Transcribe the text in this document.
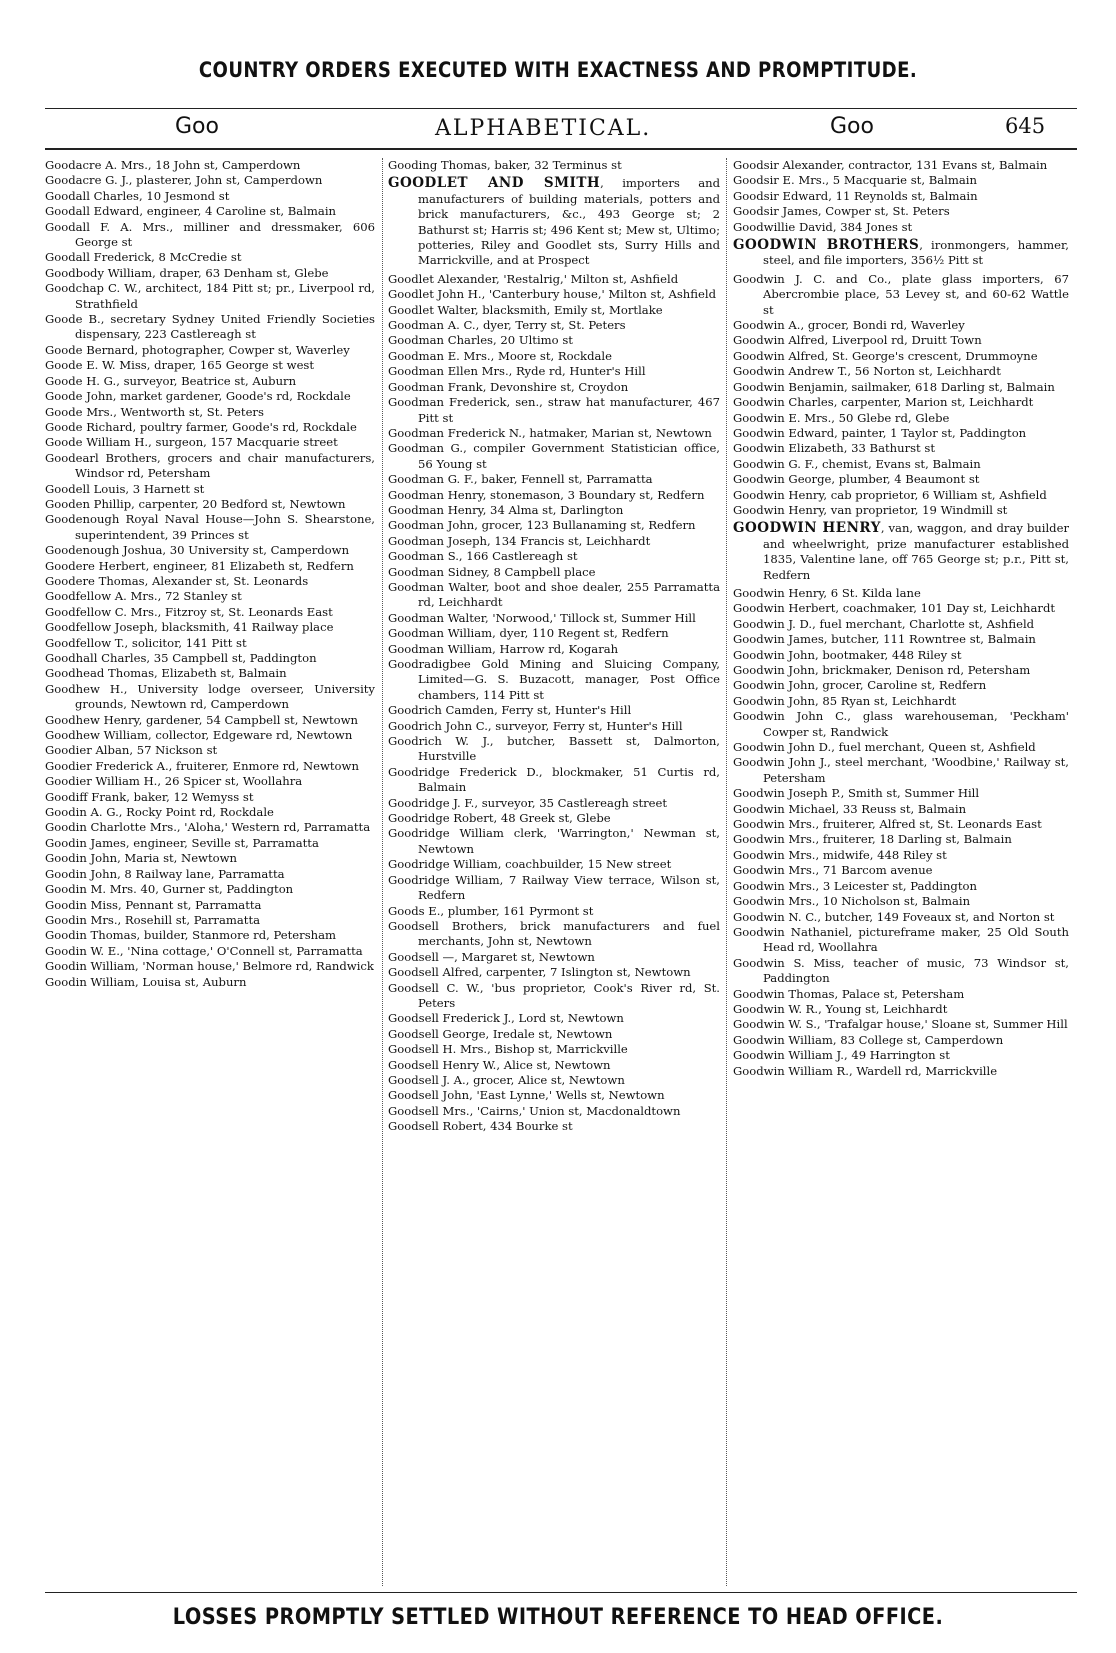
COUNTRY ORDERS EXECUTED WITH EXACTNESS AND PROMPTITUDE.
Goo	ALPHABETICAL.	Goo	645

Goodacre A. Mrs., 18 John st, Camperdown

Goodacre G. J., plasterer, John st, Camperdown

Goodall Charles, 10 Jesmond st

Goodall Edward, engineer, 4 Caroline st, Balmain

Goodall F. A. Mrs., milliner and dressmaker, 606 George st

Goodall Frederick, 8 McCredie st

Goodbody William, draper, 63 Denham st, Glebe

Goodchap C. W., architect, 184 Pitt st; pr., Liverpool rd, Strathfield

Goode B., secretary Sydney United Friendly Societies dispensary, 223 Castlereagh st

Goode Bernard, photographer, Cowper st, Waverley

Goode E. W. Miss, draper, 165 George st west

Goode H. G., surveyor, Beatrice st, Auburn

Goode John, market gardener, Goode's rd, Rockdale

Goode Mrs., Wentworth st, St. Peters

Goode Richard, poultry farmer, Goode's rd, Rockdale

Goode William H., surgeon, 157 Macquarie street

Goodearl Brothers, grocers and chair manufacturers, Windsor rd, Petersham

Goodell Louis, 3 Harnett st

Gooden Phillip, carpenter, 20 Bedford st, Newtown

Goodenough Royal Naval House—John S. Shearstone, superintendent, 39 Princes st

Goodenough Joshua, 30 University st, Camperdown

Goodere Herbert, engineer, 81 Elizabeth st, Redfern

Goodere Thomas, Alexander st, St. Leonards

Goodfellow A. Mrs., 72 Stanley st

Goodfellow C. Mrs., Fitzroy st, St. Leonards East

Goodfellow Joseph, blacksmith, 41 Railway place

Goodfellow T., solicitor, 141 Pitt st

Goodhall Charles, 35 Campbell st, Paddington

Goodhead Thomas, Elizabeth st, Balmain

Goodhew H., University lodge overseer, University grounds, Newtown rd, Camperdown

Goodhew Henry, gardener, 54 Campbell st, Newtown

Goodhew William, collector, Edgeware rd, Newtown

Goodier Alban, 57 Nickson st

Goodier Frederick A., fruiterer, Enmore rd, Newtown

Goodier William H., 26 Spicer st, Woollahra

Goodiff Frank, baker, 12 Wemyss st

Goodin A. G., Rocky Point rd, Rockdale

Goodin Charlotte Mrs., 'Aloha,' Western rd, Parramatta

Goodin James, engineer, Seville st, Parramatta

Goodin John, Maria st, Newtown

Goodin John, 8 Railway lane, Parramatta

Goodin M. Mrs. 40, Gurner st, Paddington

Goodin Miss, Pennant st, Parramatta

Goodin Mrs., Rosehill st, Parramatta

Goodin Thomas, builder, Stanmore rd, Petersham

Goodin W. E., 'Nina cottage,' O'Connell st, Parramatta

Goodin William, 'Norman house,' Belmore rd, Randwick

Goodin William, Louisa st, Auburn

Gooding Thomas, baker, 32 Terminus st

GOODLET AND SMITH, importers and manufacturers of building materials, potters and brick manufacturers, &c., 493 George st; 2 Bathurst st; Harris st; 496 Kent st; Mew st, Ultimo; potteries, Riley and Goodlet sts, Surry Hills and Marrickville, and at Prospect

Goodlet Alexander, 'Restalrig,' Milton st, Ashfield

Goodlet John H., 'Canterbury house,' Milton st, Ashfield

Goodlet Walter, blacksmith, Emily st, Mortlake

Goodman A. C., dyer, Terry st, St. Peters

Goodman Charles, 20 Ultimo st

Goodman E. Mrs., Moore st, Rockdale

Goodman Ellen Mrs., Ryde rd, Hunter's Hill

Goodman Frank, Devonshire st, Croydon

Goodman Frederick, sen., straw hat manufacturer, 467 Pitt st

Goodman Frederick N., hatmaker, Marian st, Newtown

Goodman G., compiler Government Statistician office, 56 Young st

Goodman G. F., baker, Fennell st, Parramatta

Goodman Henry, stonemason, 3 Boundary st, Redfern

Goodman Henry, 34 Alma st, Darlington

Goodman John, grocer, 123 Bullanaming st, Redfern

Goodman Joseph, 134 Francis st, Leichhardt

Goodman S., 166 Castlereagh st

Goodman Sidney, 8 Campbell place

Goodman Walter, boot and shoe dealer, 255 Parramatta rd, Leichhardt

Goodman Walter, 'Norwood,' Tillock st, Summer Hill

Goodman William, dyer, 110 Regent st, Redfern

Goodman William, Harrow rd, Kogarah

Goodradigbee Gold Mining and Sluicing Company, Limited—G. S. Buzacott, manager, Post Office chambers, 114 Pitt st

Goodrich Camden, Ferry st, Hunter's Hill

Goodrich John C., surveyor, Ferry st, Hunter's Hill

Goodrich W. J., butcher, Bassett st, Dalmorton, Hurstville

Goodridge Frederick D., blockmaker, 51 Curtis rd, Balmain

Goodridge J. F., surveyor, 35 Castlereagh street

Goodridge Robert, 48 Greek st, Glebe

Goodridge William clerk, 'Warrington,' Newman st, Newtown

Goodridge William, coachbuilder, 15 New street

Goodridge William, 7 Railway View terrace, Wilson st, Redfern

Goods E., plumber, 161 Pyrmont st

Goodsell Brothers, brick manufacturers and fuel merchants, John st, Newtown

Goodsell —, Margaret st, Newtown

Goodsell Alfred, carpenter, 7 Islington st, Newtown

Goodsell C. W., 'bus proprietor, Cook's River rd, St. Peters

Goodsell Frederick J., Lord st, Newtown

Goodsell George, Iredale st, Newtown

Goodsell H. Mrs., Bishop st, Marrickville

Goodsell Henry W., Alice st, Newtown

Goodsell J. A., grocer, Alice st, Newtown

Goodsell John, 'East Lynne,' Wells st, Newtown

Goodsell Mrs., 'Cairns,' Union st, Macdonaldtown

Goodsell Robert, 434 Bourke st

Goodsir Alexander, contractor, 131 Evans st, Balmain

Goodsir E. Mrs., 5 Macquarie st, Balmain

Goodsir Edward, 11 Reynolds st, Balmain

Goodsir James, Cowper st, St. Peters

Goodwillie David, 384 Jones st

GOODWIN BROTHERS, ironmongers, hammer, steel, and file importers, 356½ Pitt st

Goodwin J. C. and Co., plate glass importers, 67 Abercrombie place, 53 Levey st, and 60-62 Wattle st

Goodwin A., grocer, Bondi rd, Waverley

Goodwin Alfred, Liverpool rd, Druitt Town

Goodwin Alfred, St. George's crescent, Drummoyne

Goodwin Andrew T., 56 Norton st, Leichhardt

Goodwin Benjamin, sailmaker, 618 Darling st, Balmain

Goodwin Charles, carpenter, Marion st, Leichhardt

Goodwin E. Mrs., 50 Glebe rd, Glebe

Goodwin Edward, painter, 1 Taylor st, Paddington

Goodwin Elizabeth, 33 Bathurst st

Goodwin G. F., chemist, Evans st, Balmain

Goodwin George, plumber, 4 Beaumont st

Goodwin Henry, cab proprietor, 6 William st, Ashfield

Goodwin Henry, van proprietor, 19 Windmill st

GOODWIN HENRY, van, waggon, and dray builder and wheelwright, prize manufacturer established 1835, Valentine lane, off 765 George st; p.r., Pitt st, Redfern

Goodwin Henry, 6 St. Kilda lane

Goodwin Herbert, coachmaker, 101 Day st, Leichhardt

Goodwin J. D., fuel merchant, Charlotte st, Ashfield

Goodwin James, butcher, 111 Rowntree st, Balmain

Goodwin John, bootmaker, 448 Riley st

Goodwin John, brickmaker, Denison rd, Petersham

Goodwin John, grocer, Caroline st, Redfern

Goodwin John, 85 Ryan st, Leichhardt

Goodwin John C., glass warehouseman, 'Peckham' Cowper st, Randwick

Goodwin John D., fuel merchant, Queen st, Ashfield

Goodwin John J., steel merchant, 'Woodbine,' Railway st, Petersham

Goodwin Joseph P., Smith st, Summer Hill

Goodwin Michael, 33 Reuss st, Balmain

Goodwin Mrs., fruiterer, Alfred st, St. Leonards East

Goodwin Mrs., fruiterer, 18 Darling st, Balmain

Goodwin Mrs., midwife, 448 Riley st

Goodwin Mrs., 71 Barcom avenue

Goodwin Mrs., 3 Leicester st, Paddington

Goodwin Mrs., 10 Nicholson st, Balmain

Goodwin N. C., butcher, 149 Foveaux st, and Norton st

Goodwin Nathaniel, pictureframe maker, 25 Old South Head rd, Woollahra

Goodwin S. Miss, teacher of music, 73 Windsor st, Paddington

Goodwin Thomas, Palace st, Petersham

Goodwin W. R., Young st, Leichhardt

Goodwin W. S., 'Trafalgar house,' Sloane st, Summer Hill

Goodwin William, 83 College st, Camperdown

Goodwin William J., 49 Harrington st

Goodwin William R., Wardell rd, Marrickville

LOSSES PROMPTLY SETTLED WITHOUT REFERENCE TO HEAD OFFICE.
